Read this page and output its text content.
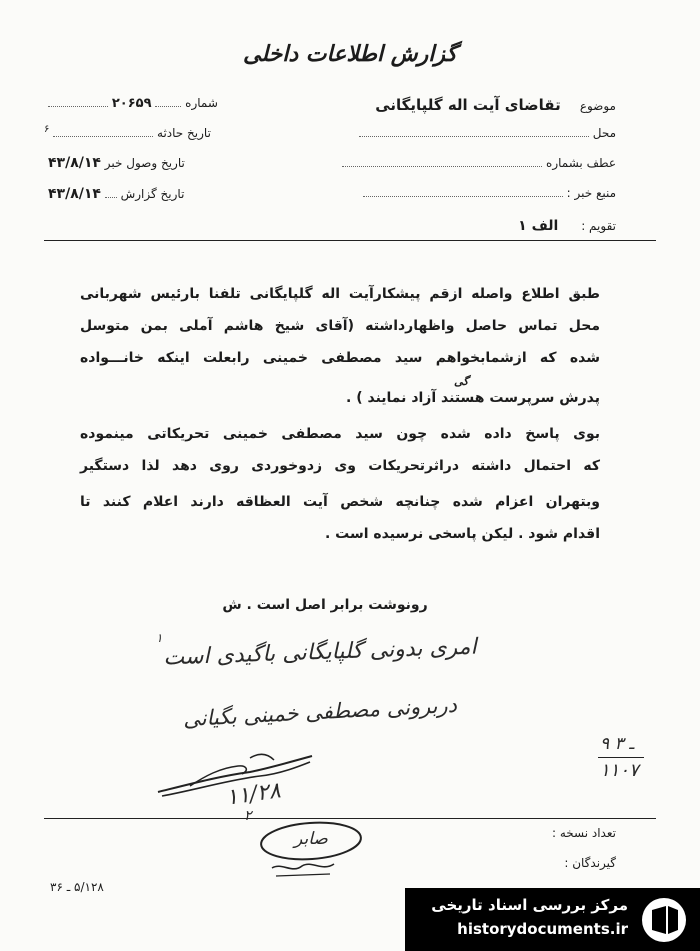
گزارش اطلاعات داخلی
موضوع     تقاضای آیت اله گلپایگانی
محل
عطف بشماره
منبع خبر :
تقویم :      الف ۱
شماره  ۲۰۶۵۹
تاریخ حادثه  $^۶$
تاریخ وصول خبر ۴۳/۸/۱۴
تاریخ گزارش  ۴۳/۸/۱۴
طبق اطلاع واصله ازقم پیشکارآیت اله گلپایگانی تلفنا بارئیس شهربانی
محل تماس حاصل واظهارداشته (آقای شیخ هاشم آملی بمن متوسل
شده که ازشمابخواهم سید مصطفی خمینی رابعلت اینکه خانـــواده
گی
پدرش سرپرست هستند آزاد نمایند ) .
بوی پاسخ داده شده چون سید مصطفی خمینی تحریکاتی مینموده
که احتمال داشته دراثرتحریکات وی زدوخوردی روی دهد لذا دستگیر
وبتهران اعزام شده چنانچه شخص آیت العظاقه دارند اعلام کنند تا
اقدام شود . لیکن پاسخی نرسیده است .
رونوشت برابر اصل است . ش
۱ امری بدونی گلپایگانی باگیدی است
دربرونی مصطفی خمینی بگیانی
۱۱/۲۸
۹ ـ ۳
۱۱۰۷
۲
صابر	تعداد نسخه :
گیرندگان :
۵/۱۲۸ ـ ۳۶
مرکز بررسی اسناد تاریخی
historydocuments.ir
